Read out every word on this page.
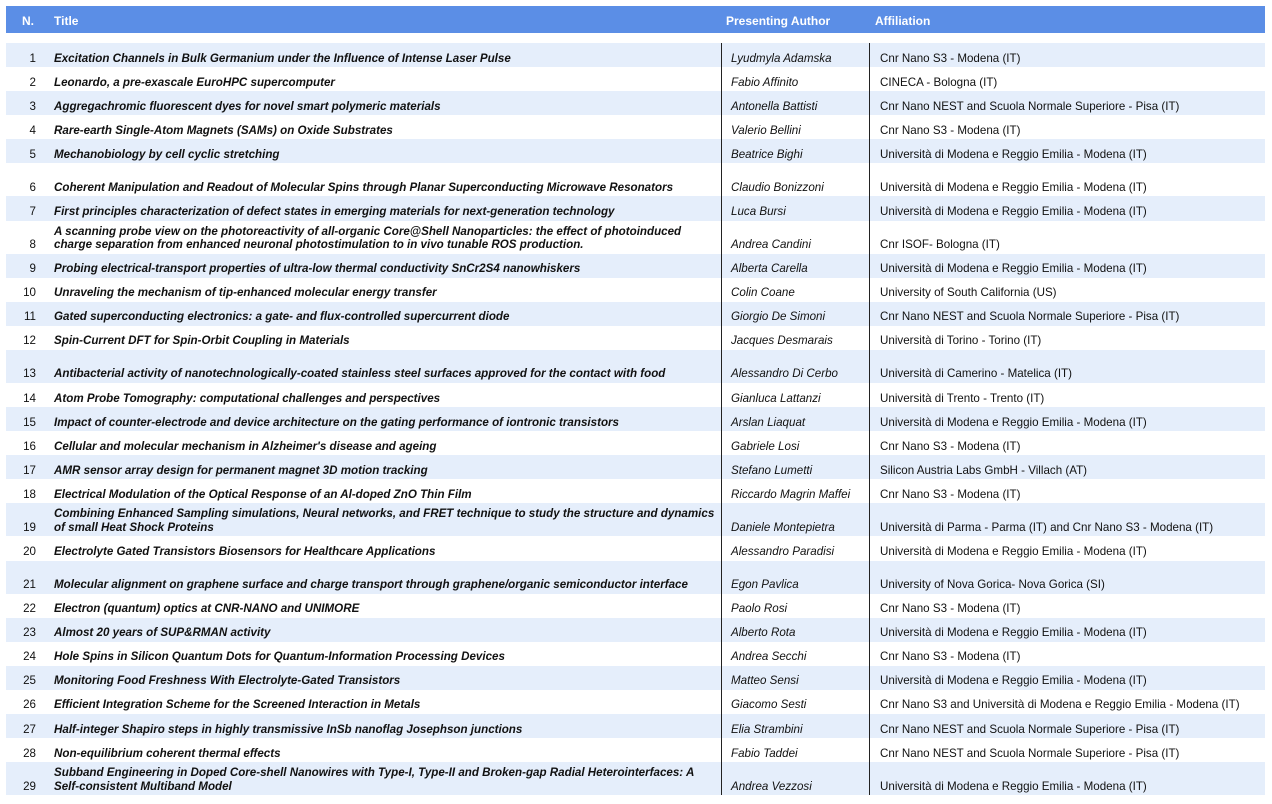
N. Title	Presenting Author	Affiliation
1	Excitation Channels in Bulk Germanium under the Influence of Intense Laser Pulse	Lyudmyla Adamska	Cnr Nano S3 - Modena (IT)
2	Leonardo, a pre-exascale EuroHPC supercomputer	Fabio Affinito	CINECA - Bologna (IT)
3	Aggregachromic fluorescent dyes for novel smart polymeric materials	Antonella Battisti	Cnr Nano NEST and Scuola Normale Superiore - Pisa (IT)
4	Rare-earth Single-Atom Magnets (SAMs) on Oxide Substrates	Valerio Bellini	Cnr Nano S3 - Modena (IT)
5	Mechanobiology by cell cyclic stretching	Beatrice Bighi	Università di Modena e Reggio Emilia - Modena (IT)
6	Coherent Manipulation and Readout of Molecular Spins through Planar Superconducting Microwave Resonators	Claudio Bonizzoni	Università di Modena e Reggio Emilia - Modena (IT)
7	First principles characterization of defect states in emerging materials for next-generation technology	Luca Bursi	Università di Modena e Reggio Emilia - Modena (IT)
8	A scanning probe view on the photoreactivity of all-organic Core@Shell Nanoparticles: the effect of photoinduced charge separation from enhanced neuronal photostimulation to in vivo tunable ROS production.	Andrea Candini	Cnr ISOF- Bologna (IT)
9	Probing electrical-transport properties of ultra-low thermal conductivity SnCr2S4 nanowhiskers	Alberta Carella	Università di Modena e Reggio Emilia - Modena (IT)
10	Unraveling the mechanism of tip-enhanced molecular energy transfer	Colin Coane	University of South California (US)
11	Gated superconducting electronics: a gate- and flux-controlled supercurrent diode	Giorgio De Simoni	Cnr Nano NEST and Scuola Normale Superiore - Pisa (IT)
12	Spin-Current DFT for Spin-Orbit Coupling in Materials	Jacques Desmarais	Università di Torino - Torino (IT)
13	Antibacterial activity of nanotechnologically-coated stainless steel surfaces approved for the contact with food	Alessandro Di Cerbo	Università di Camerino - Matelica (IT)
14	Atom Probe Tomography: computational challenges and perspectives	Gianluca Lattanzi	Università di Trento - Trento (IT)
15	Impact of counter-electrode and device architecture on the gating performance of iontronic transistors	Arslan Liaquat	Università di Modena e Reggio Emilia - Modena (IT)
16	Cellular and molecular mechanism in Alzheimer's disease and ageing	Gabriele Losi	Cnr Nano S3 - Modena (IT)
17	AMR sensor array design for permanent magnet 3D motion tracking	Stefano Lumetti	Silicon Austria Labs GmbH - Villach (AT)
18	Electrical Modulation of the Optical Response of an Al-doped ZnO Thin Film	Riccardo Magrin Maffei	Cnr Nano S3 - Modena (IT)
19	Combining Enhanced Sampling simulations, Neural networks, and FRET technique to study the structure and dynamics of small Heat Shock Proteins	Daniele Montepietra	Università di Parma - Parma (IT) and Cnr Nano S3 - Modena (IT)
20	Electrolyte Gated Transistors Biosensors for Healthcare Applications	Alessandro Paradisi	Università di Modena e Reggio Emilia - Modena (IT)
21	Molecular alignment on graphene surface and charge transport through graphene/organic semiconductor interface	Egon Pavlica	University of Nova Gorica- Nova Gorica (SI)
22	Electron (quantum) optics at CNR-NANO and UNIMORE	Paolo Rosi	Cnr Nano S3 - Modena (IT)
23	Almost 20 years of SUP&RMAN activity	Alberto Rota	Università di Modena e Reggio Emilia - Modena (IT)
24	Hole Spins in Silicon Quantum Dots for Quantum-Information Processing Devices	Andrea Secchi	Cnr Nano S3 - Modena (IT)
25	Monitoring Food Freshness With Electrolyte-Gated Transistors	Matteo Sensi	Università di Modena e Reggio Emilia - Modena (IT)
26	Efficient Integration Scheme for the Screened Interaction in Metals	Giacomo Sesti	Cnr Nano S3 and Università di Modena e Reggio Emilia - Modena (IT)
27	Half-integer Shapiro steps in highly transmissive InSb nanoflag Josephson junctions	Elia Strambini	Cnr Nano NEST and Scuola Normale Superiore - Pisa (IT)
28	Non-equilibrium coherent thermal effects	Fabio Taddei	Cnr Nano NEST and Scuola Normale Superiore - Pisa (IT)
29	Subband Engineering in Doped Core-shell Nanowires with Type-I, Type-II and Broken-gap Radial Heterointerfaces: A Self-consistent Multiband Model	Andrea Vezzosi	Università di Modena e Reggio Emilia - Modena (IT)
